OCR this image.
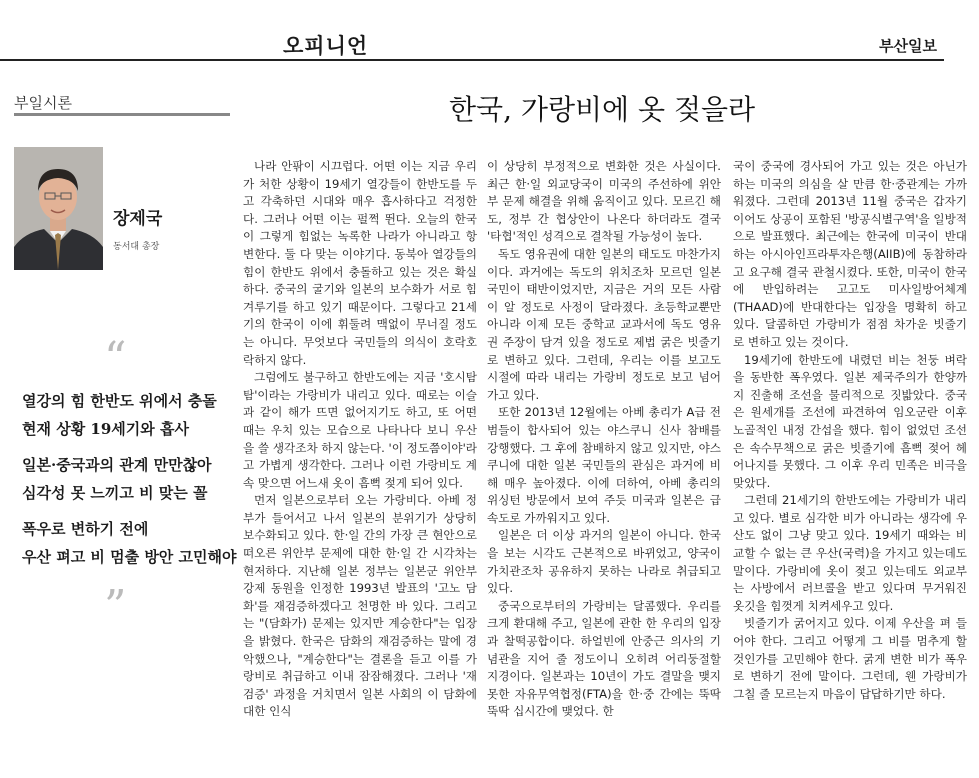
오피니언	부산일보
부일시론	한국, 가랑비에 옷 젖을라
장제국
동서대 총장
“
열강의 힘 한반도 위에서 충돌
현재 상황 19세기와 흡사
일본·중국과의 관계 만만찮아
심각성 못 느끼고 비 맞는 꼴
폭우로 변하기 전에
우산 펴고 비 멈출 방안 고민해야
”

나라 안팎이 시끄럽다. 어떤 이는 지금 우리가 처한 상황이 19세기 열강들이 한반도를 두고 각축하던 시대와 매우 흡사하다고 걱정한다. 그러나 어떤 이는 펄쩍 뛴다. 오늘의 한국이 그렇게 힘없는 녹록한 나라가 아니라고 항변한다. 둘 다 맞는 이야기다. 동북아 열강들의 힘이 한반도 위에서 충돌하고 있는 것은 확실하다. 중국의 굴기와 일본의 보수화가 서로 힘겨루기를 하고 있기 때문이다. 그렇다고 21세기의 한국이 이에 휘둘려 맥없이 무너질 정도는 아니다. 무엇보다 국민들의 의식이 호락호락하지 않다.

그럼에도 불구하고 한반도에는 지금 '호시탐탐'이라는 가랑비가 내리고 있다. 때로는 이슬과 같이 해가 뜨면 없어지기도 하고, 또 어떤 때는 우치 있는 모습으로 나타나다 보니 우산을 쓸 생각조차 하지 않는다. '이 정도쯤이야'라고 가볍게 생각한다. 그러나 이런 가랑비도 계속 맞으면 어느새 옷이 흠뻑 젖게 되어 있다.

먼저 일본으로부터 오는 가랑비다. 아베 정부가 들어서고 나서 일본의 분위기가 상당히 보수화되고 있다. 한·일 간의 가장 큰 현안으로 떠오른 위안부 문제에 대한 한·일 간 시각차는 현저하다. 지난해 일본 정부는 일본군 위안부 강제 동원을 인정한 1993년 발표의 '고노 담화'를 재검증하겠다고 천명한 바 있다. 그리고는 "(담화가) 문제는 있지만 계승한다"는 입장을 밝혔다. 한국은 담화의 재검증하는 말에 경악했으나, "계승한다"는 결론을 듣고 이를 가랑비로 취급하고 이내 잠잠해졌다. 그러나 '재검증' 과정을 거치면서 일본 사회의 이 담화에 대한 인식

이 상당히 부정적으로 변화한 것은 사실이다. 최근 한·일 외교당국이 미국의 주선하에 위안부 문제 해결을 위해 움직이고 있다. 모르긴 해도, 정부 간 협상안이 나온다 하더라도 결국 '타협'적인 성격으로 결착될 가능성이 높다.

독도 영유권에 대한 일본의 태도도 마찬가지이다. 과거에는 독도의 위치조차 모르던 일본 국민이 태반이었지만, 지금은 거의 모든 사람이 알 정도로 사정이 달라졌다. 초등학교뿐만 아니라 이제 모든 중학교 교과서에 독도 영유권 주장이 담겨 있을 정도로 제법 굵은 빗줄기로 변하고 있다. 그런데, 우리는 이를 보고도 시절에 따라 내리는 가랑비 정도로 보고 넘어가고 있다.

또한 2013년 12월에는 아베 총리가 A급 전범들이 합사되어 있는 야스쿠니 신사 참배를 강행했다. 그 후에 참배하지 않고 있지만, 야스쿠니에 대한 일본 국민들의 관심은 과거에 비해 매우 높아졌다. 이에 더하여, 아베 총리의 위싱턴 방문에서 보여 주듯 미국과 일본은 급속도로 가까워지고 있다.

일본은 더 이상 과거의 일본이 아니다. 한국을 보는 시각도 근본적으로 바뀌었고, 양국이 가치관조차 공유하지 못하는 나라로 취급되고 있다.

중국으로부터의 가랑비는 달콤했다. 우리를 크게 환대해 주고, 일본에 관한 한 우리의 입장과 찰떡공합이다. 하얼빈에 안중근 의사의 기념관을 지어 줄 정도이니 오히려 어리둥절할 지경이다. 일본과는 10년이 가도 결말을 맺지 못한 자유무역협정(FTA)을 한·중 간에는 뚝딱뚝딱 십시간에 맺었다. 한

국이 중국에 경사되어 가고 있는 것은 아닌가 하는 미국의 의심을 살 만큼 한·중관계는 가까워졌다. 그런데 2013년 11월 중국은 갑자기 이어도 상공이 포함된 '방공식별구역'을 일방적으로 발표했다. 최근에는 한국에 미국이 반대하는 아시아인프라투자은행(AIIB)에 동참하라고 요구해 결국 관철시켰다. 또한, 미국이 한국에 반입하려는 고고도 미사일방어체계(THAAD)에 반대한다는 입장을 명확히 하고 있다. 달콤하던 가랑비가 점점 차가운 빗줄기로 변하고 있는 것이다.

19세기에 한반도에 내렸던 비는 천둥 벼락을 동반한 폭우였다. 일본 제국주의가 한양까지 진출해 조선을 물리적으로 짓밟았다. 중국은 원세개를 조선에 파견하여 임오군란 이후 노골적인 내정 간섭을 했다. 힘이 없었던 조선은 속수무책으로 굵은 빗줄기에 흠뻑 젖어 헤어나지를 못했다. 그 이후 우리 민족은 비극을 맞았다.

그런데 21세기의 한반도에는 가랑비가 내리고 있다. 별로 심각한 비가 아니라는 생각에 우산도 없이 그냥 맞고 있다. 19세기 때와는 비교할 수 없는 큰 우산(국력)을 가지고 있는데도 말이다. 가랑비에 옷이 젖고 있는데도 외교부는 사방에서 러브콜을 받고 있다며 무거워진 옷깃을 힘껏게 치켜세우고 있다.

빗줄기가 굵어지고 있다. 이제 우산을 펴 들어야 한다. 그리고 어떻게 그 비를 멈추게 할 것인가를 고민해야 한다. 굵게 변한 비가 폭우로 변하기 전에 말이다. 그런데, 웬 가랑비가 그칠 줄 모르는지 마음이 답답하기만 하다.
